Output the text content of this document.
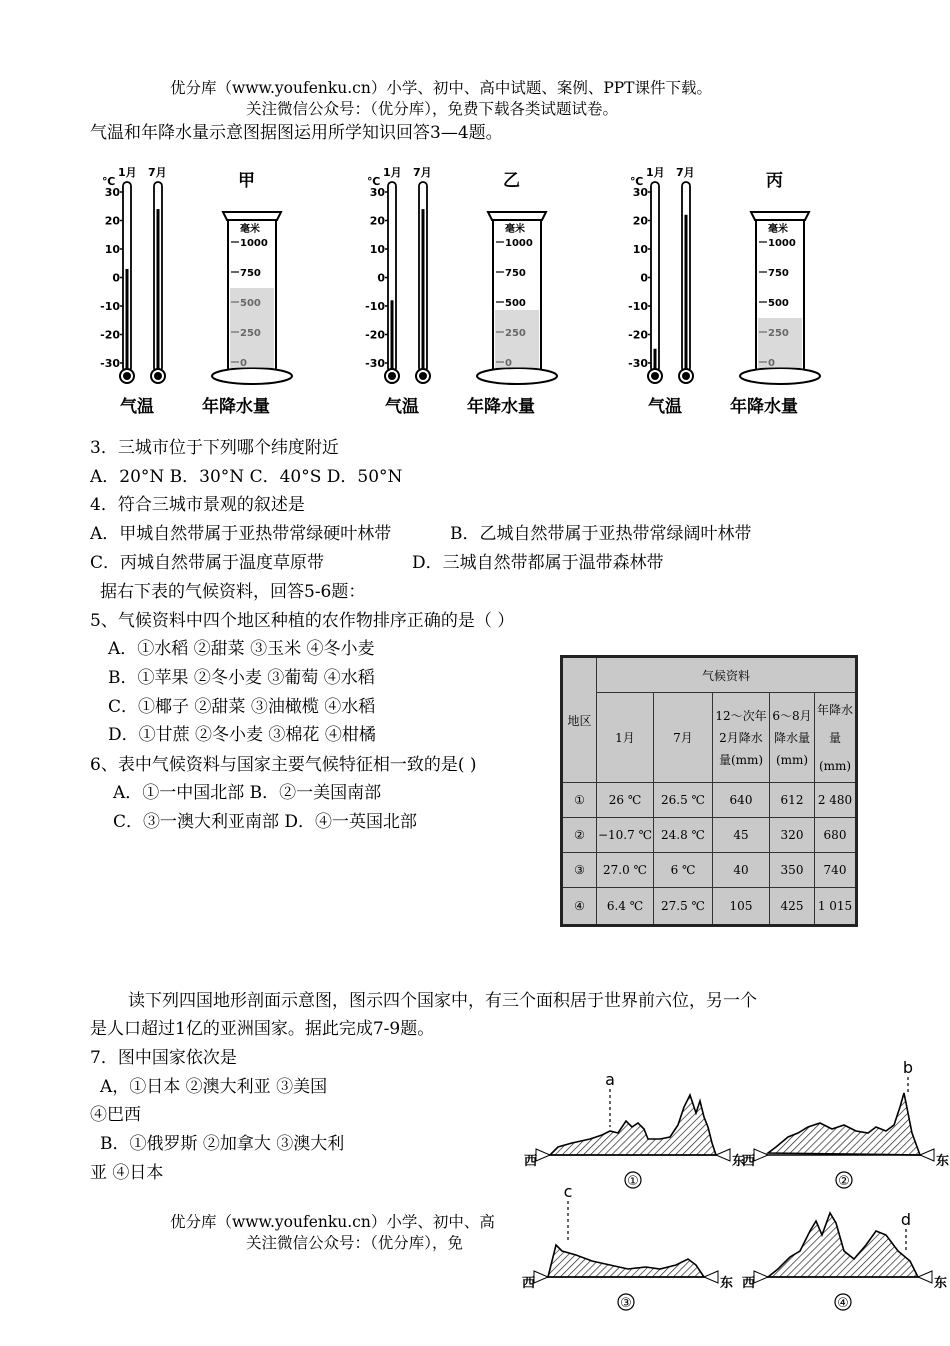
优分库（www.youfenku.cn）小学、初中、高中试题、案例、PPT课件下载。
关注微信公众号：（优分库），免费下载各类试题试卷。
气温和年降水量示意图据图运用所学知识回答3—4题。
℃
1月 7月	甲
30
20
10
0
-10
-20
-30
气温
毫米
1000
750
年降水量
℃
1月 7月	乙
30
20
10
0
-10
-20
-30
气温
毫米
1000
750
500
年降水量
℃
1月 7月	丙
30
20
10
0
-10
-20
-30
气温
毫米
1000
750
500
年降水量
3．三城市位于下列哪个纬度附近
A．20°N B．30°N C．40°S D．50°N
4．符合三城市景观的叙述是
A．甲城自然带属于亚热带常绿硬叶林带	B．乙城自然带属于亚热带常绿阔叶林带
C．丙城自然带属于温度草原带	D．三城自然带都属于温带森林带
据右下表的气候资料，回答5-6题：
5、气候资料中四个地区种植的农作物排序正确的是（ ）
A．①水稻 ②甜菜 ③玉米 ④冬小麦
B．①苹果 ②冬小麦 ③葡萄 ④水稻
C．①椰子 ②甜菜 ③油橄榄 ④水稻
D．①甘蔗 ②冬小麦 ③棉花 ④柑橘
6、表中气候资料与国家主要气候特征相一致的是( )
A．①一中国北部 B．②一美国南部
C．③一澳大利亚南部 D．④一英国北部
地区	气候资料				
	1月	7月	12～次年
2月降水
量(mm)	6～8月
降水量
(mm)	年降水量
(mm)
①	26 ℃	26.5 ℃	640	612	2 480
②	−10.7 ℃	24.8 ℃	45	320	680
③	27.0 ℃	6 ℃	40	350	740
④	6.4 ℃	27.5 ℃	105	425	1 015
读下列四国地形剖面示意图，图示四个国家中，有三个面积居于世界前六位，另一个
是人口超过1亿的亚洲国家。据此完成7-9题。
7．图中国家依次是
A，①日本 ②澳大利亚 ③美国
④巴西
B．①俄罗斯 ②加拿大 ③澳大利
亚 ④日本
优分库（www.youfenku.cn）小学、初中、高
关注微信公众号：（优分库），免
西	东
①
西	东
②
西	东
③
西	东
④
a
b
c
d
